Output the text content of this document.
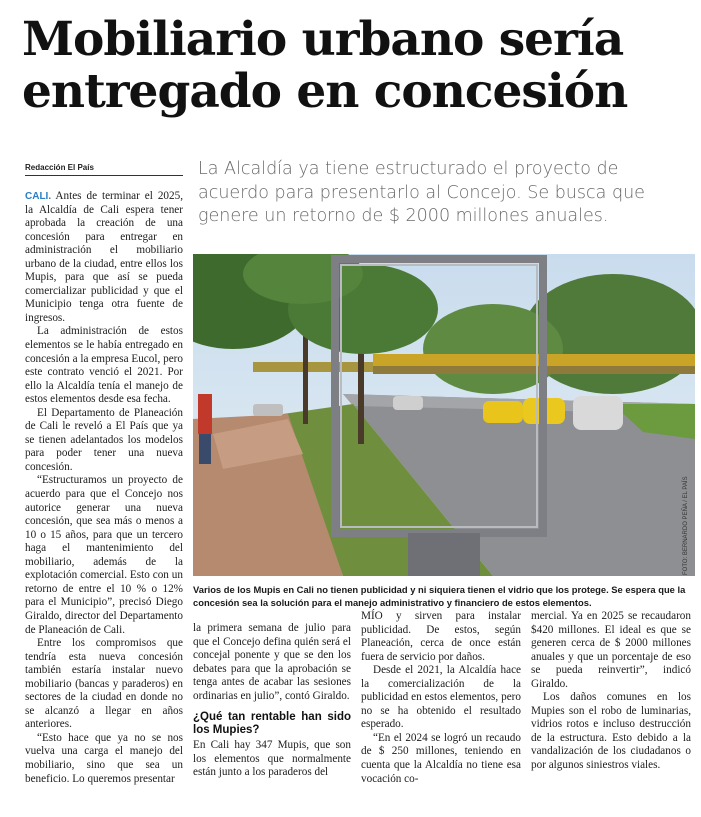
Mobiliario urbano sería
entregado en concesión
Redacción El País	La Alcaldía ya tiene estructurado el proyecto de acuerdo para presentarlo al Concejo. Se busca que genere un retorno de $ 2000 millones anuales.

CALI. Antes de terminar el 2025, la Alcaldía de Cali espera tener aprobada la creación de una concesión para entregar en administración el mobiliario urbano de la ciudad, entre ellos los Mupis, para que así se pueda comercializar publicidad y que el Municipio tenga otra fuente de ingresos.

La administración de estos elementos se le había entregado en concesión a la empresa Eucol, pero este contrato venció el 2021. Por ello la Alcaldía tenía el manejo de estos elementos desde esa fecha.

El Departamento de Planeación de Cali le reveló a El País que ya se tienen adelantados los modelos para poder tener una nueva concesión.

“Estructuramos un proyecto de acuerdo para que el Concejo nos autorice generar una nueva concesión, que sea más o menos a 10 o 15 años, para que un tercero haga el mantenimiento del mobiliario, además de la explotación comercial. Esto con un retorno de entre el 10 % o 12% para el Municipio”, precisó Diego Giraldo, director del Departamento de Planeación de Cali.

Entre los compromisos que tendría esta nueva concesión también estaría instalar nuevo mobiliario (bancas y paraderos) en sectores de la ciudad en donde no se alcanzó a llegar en años anteriores.

“Esto hace que ya no se nos vuelva una carga el manejo del mobiliario, sino que sea un beneficio. Lo queremos presentar

FOTO: BERNARDO PEÑA / EL PAÍS

Varios de los Mupis en Cali no tienen publicidad y ni siquiera tienen el vidrio que los protege. Se espera que la concesión sea la solución para el manejo administrativo y financiero de estos elementos.

la primera semana de julio para que el Concejo defina quién será el concejal ponente y que se den los debates para que la aprobación se tenga antes de acabar las sesiones ordinarias en julio”, contó Giraldo.

¿Qué tan rentable han sido los Mupies?

En Cali hay 347 Mupis, que son los elementos que normalmente están junto a los paraderos del

MÍO y sirven para instalar publicidad. De estos, según Planeación, cerca de once están fuera de servicio por daños.

Desde el 2021, la Alcaldía hace la comercialización de la publicidad en estos elementos, pero no se ha obtenido el resultado esperado.

“En el 2024 se logró un recaudo de $ 250 millones, teniendo en cuenta que la Alcaldía no tiene esa vocación co-

mercial. Ya en 2025 se recaudaron $420 millones. El ideal es que se generen cerca de $ 2000 millones anuales y que un porcentaje de eso se pueda reinvertir”, indicó Giraldo.

Los daños comunes en los Mupies son el robo de luminarias, vidrios rotos e incluso destrucción de la estructura. Esto debido a la vandalización de los ciudadanos o por algunos siniestros viales.
